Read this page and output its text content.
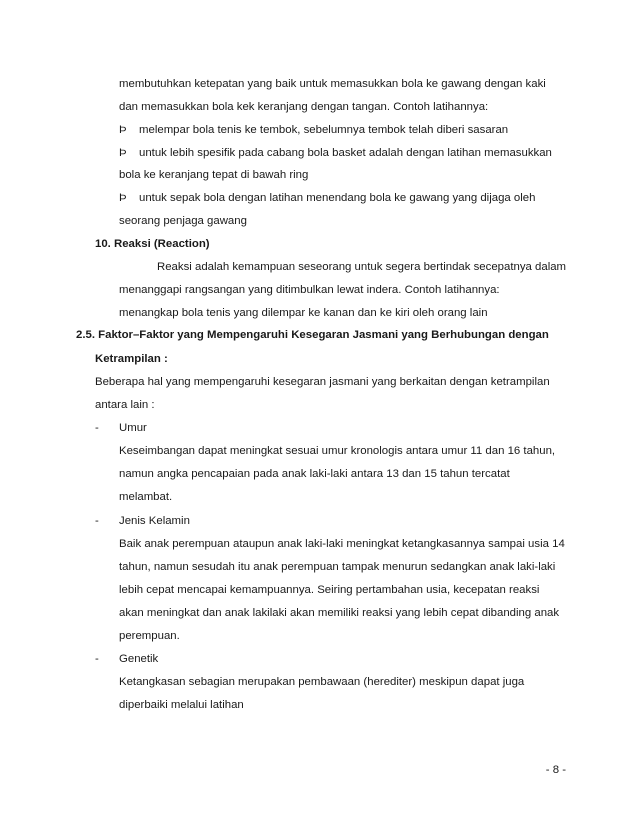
membutuhkan ketepatan yang baik untuk memasukkan bola ke gawang dengan kaki
dan memasukkan bola kek keranjang dengan tangan. Contoh latihannya:
Þ melempar bola tenis ke tembok, sebelumnya tembok telah diberi sasaran
Þ untuk lebih spesifik pada cabang bola basket adalah dengan latihan memasukkan
bola ke keranjang tepat di bawah ring
Þ untuk sepak bola dengan latihan menendang bola ke gawang yang dijaga oleh
seorang penjaga gawang
10. Reaksi (Reaction)
Reaksi adalah kemampuan seseorang untuk segera bertindak secepatnya dalam
menanggapi rangsangan yang ditimbulkan lewat indera. Contoh latihannya:
menangkap bola tenis yang dilempar ke kanan dan ke kiri oleh orang lain
2.5. Faktor–Faktor yang Mempengaruhi Kesegaran Jasmani yang Berhubungan dengan
Ketrampilan :
Beberapa hal yang mempengaruhi kesegaran jasmani yang berkaitan dengan ketrampilan
antara lain :
- Umur
Keseimbangan dapat meningkat sesuai umur kronologis antara umur 11 dan 16 tahun,
namun angka pencapaian pada anak laki-laki antara 13 dan 15 tahun tercatat
melambat.
- Jenis Kelamin
Baik anak perempuan ataupun anak laki-laki meningkat ketangkasannya sampai usia 14
tahun, namun sesudah itu anak perempuan tampak menurun sedangkan anak laki-laki
lebih cepat mencapai kemampuannya. Seiring pertambahan usia, kecepatan reaksi
akan meningkat dan anak lakilaki akan memiliki reaksi yang lebih cepat dibanding anak
perempuan.
- Genetik
Ketangkasan sebagian merupakan pembawaan (herediter) meskipun dapat juga
diperbaiki melalui latihan
- 8 -
